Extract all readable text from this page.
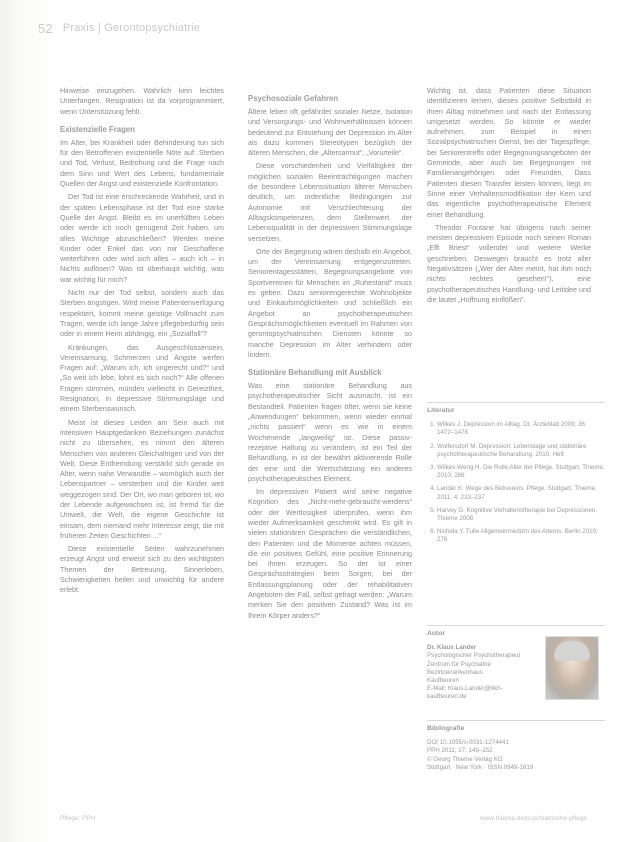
52 Praxis | Gerontopsychiatrie

Hinweise einzugehen. Wahrlich kein leichtes Unterfangen. Resignation ist da vorprogrammiert, wenn Unterstützung fehlt.

Existenzielle Fragen

Im Alter, bei Krankheit oder Behinderung tun sich für den Betroffenen existentielle Nöte auf: Sterben und Tod, Verlust, Bedrohung und die Frage nach dem Sinn und Wert des Lebens, fundamentale Quellen der Angst und existenzielle Konfrontation.

Der Tod ist eine erschreckende Wahrheit, und in der späten Lebensphase ist der Tod eine starke Quelle der Angst. Bleibt es im unerfüllten Leben oder werde ich noch genügend Zeit haben, um alles Wichtige abzuschließen? Werden meine Kinder oder Enkel das von mir Geschaffene weiterführen oder wird sich alles – auch ich – in Nichts auflösen? Was ist überhaupt wichtig, was war wichtig für mich?

Nicht nur der Tod selbst, sondern auch das Sterben ängstigen. Wird meine Patientenverfügung respektiert, kommt meine geistige Vollmacht zum Tragen, werde ich lange Jahre pflegebedürftig sein oder in einem Heim abhängig, ein „Sozialfall“?

Kränkungen, das Ausgeschlossensein, Vereinsamung, Schmerzen und Ängste werfen Fragen auf: „Warum ich, ich ungerecht und?“ und „So weit ich lebe, lohnt es sich noch?“ Alle offenen Fragen stimmen, münden vielleicht in Gereiztheit, Resignation, in depressive Stimmungslage und einem Sterbenswunsch.

Meist ist dieses Leiden am Sein auch mit intensiven Hauptgedanken Beziehungen zunächst nicht zu übersehen, es nimmt den älteren Menschen von anderen Gleichaltrigen und von der Welt. Diese Entfremdung verstärkt sich gerade im Alter, wenn nahe Verwandte – womöglich auch der Lebenspartner – versterben und die Kinder weit weggezogen sind. Der Ort, wo man geboren ist, wo der Lebende aufgewachsen ist, ist fremd für die Umwelt, die Welt, die eigene Geschichte ist einsam, dem niemand mehr Interesse zeigt, die mit früheren Zeiten Geschichten ...“

Diese existentielle Seiten wahrzunehmen erzeugt Angst und erweist sich zu den wichtigsten Themen der Betreuung, Sinnerleben, Schwierigkeiten heilen und unwichtig für andere erlebt.

Psychosoziale Gefahren

Ältere leben oft gefährdet sozialer Netze, Isolation und Versorgungs- und Wohnverhältnissen können bedeutend zur Entstehung der Depression im Alter als dazu kommen Stereotypen bezüglich der älteren Menschen, die „Altersarmut“, „Vorurteile“.

Diese vorschiedenheit und Vielfältigkeit der möglichen sozialen Beeinträchtigungen machen die besondere Lebenssituation älterer Menschen deutlich, um ordentliche Bedingungen zur Autonomie mit Verschlechterung der Alltagskompetenzen, dem Stellenwert der Lebensqualität in der depressiven Stimmungslage versetzen.

Orte der Begegnung wären deshalb ein Angebot, um der Vereinsamung entgegenzutreten. Seniorentagesstätten, Begegnungsangebote von Sportvereinen für Menschen im „Ruhestand“ muss es geben. Dazu seniorengerechte Wohnobjekte und Einkaufsmöglichkeiten und schließlich ein Angebot an psychotherapeutischen Gesprächsmöglichkeiten eventuell im Rahmen von gerontopsychiatrischen Diensten könnte so manche Depression im Alter verhindern oder lindern.

Stationäre Behandlung mit Ausblick

Was eine stationäre Behandlung aus psychotherapeutischer Sicht ausmacht, ist ein Bestandteil. Patienten fragen öfter, wenn sie keine „Anwendungen“ bekommen, wenn wieder einmal „nichts passiert“ wenn es wie in einem Wochenende „langweilig“ ist. Diese passiv-rezeptive Haltung zu verändern, ist ein Teil der Behandlung, in ist der bewährt aktivierende Rolle der eine und die Wertschätzung ein anderes psychotherapeutisches Element.

Im depressiven Patient wird seine negative Kognition des „Nicht-mehr-gebraucht-werdens“ oder der Wertlosigkeit überprüfen, wenn ihm wieder Aufmerksamkeit geschenkt wird. Es gilt in vielen stationären Gesprächen die verständlichen, den Patienten und die Momente achten müssen, die ein positives Gefühl, eine positive Erinnerung bei ihnen erzeugen. So der ist einer Gesprächsstrategien beim Sorgen, bei der Entlassungsplanung oder der rehabilitativen Angeboten der Fall, selbst gefragt werden: „Warum merken Sie den positiven Zustand? Was ist im Ihrem Körper anders?“

Wichtig ist, dass Patienten diese Situation identifizieren lernen, dieses positive Selbstbild in ihren Alltag mitnehmen und nach der Entlassung umgesetzt werden. So könnte er wieder aufnehmen, zum Beispiel in einen Sozialpsychiatrischen Dienst, bei der Tagespflege, bei Seniorentreffs oder Begegnungsangeboten der Gemeinde, aber auch bei Begegnungen mit Familienangehörigen oder Freunden. Dass Patienten diesen Transfer leisten können, liegt im Sinne einer Verhaltensmodifikation der Kern und das eigentliche psychotherapeutische Element einer Behandlung.

Theodor Fontane hat übrigens nach seiner meisten depressiven Episode noch seinen Roman „Effi Briest“ vollendet und weitere Werke geschrieben. Deswegen braucht es trotz aller Negativsätzen („Wer der Alter meint, hat ihm noch nichts rechtes gesehen!“), eine psychotherapeutisches Handlung- und Leitidee und die lautet „Hoffnung einflößen“.

Literatur
1. Wilkes J. Depression im Alltag. Dt. Ärzteblatt 2009; 36: 1472–1478
2. Wolfersdorf M. Depression: Lebenslage und stationäre psychotherapeutische Behandlung. 2010; Heft
3. Wilkes-Weng H. Die Rolle Alter der Pflege. Stuttgart, Thieme, 2010; 288
4. Lander K. Wege des Betreuens. Pflege. Stuttgart, Thieme, 2011; 4: 233–237
5. Harvey G. Kognitive Verhaltenstherapie bei Depressionen. Thieme 2008
6. Nishida Y. Tulle Allgemeinmedizin des Alterns. Berlin 2010; 278
Autor
Dr. Klaus Lander
Psychologischer Psychotherapeut
Zentrum für Psychiatrie Bezirkskrankenhaus
Kaufbeuren
E-Mail: Klaus.Lander@bkh-kaufbeuren.de
Bibliografie
DOI 10.1055/s-0031-1274441
PPH 2011; 17: 149–152
© Georg Thieme Verlag KG
Stuttgart · New York · ISSN 0949-1619
Pflege: PPH	www.thieme.de/psychiatrische-pflege
